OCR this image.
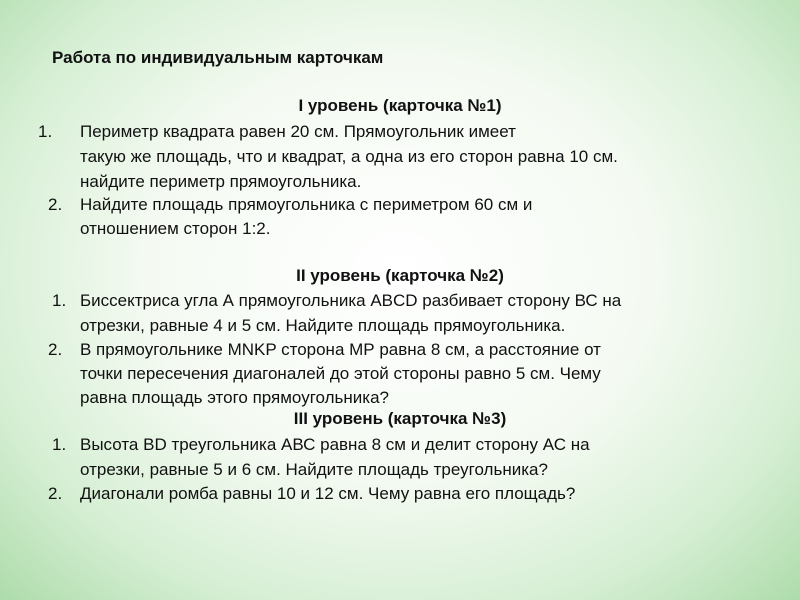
Работа по индивидуальным карточкам
I уровень (карточка №1)
1. Периметр квадрата равен 20 см. Прямоугольник имеет
такую же площадь, что и квадрат, а одна из его сторон равна 10 см.
найдите периметр прямоугольника.
2. Найдите площадь прямоугольника с периметром 60 см и
отношением сторон 1:2.
II уровень (карточка №2)
1. Биссектриса угла А прямоугольника ABCD разбивает сторону ВС на
отрезки, равные 4 и 5 см. Найдите площадь прямоугольника.
2. В прямоугольнике MNKP сторона МР равна 8 см, а расстояние от
точки пересечения диагоналей до этой стороны равно 5 см. Чему
равна площадь этого прямоугольника?
III уровень (карточка №3)
1. Высота BD треугольника АВС равна 8 см и делит сторону АС на
отрезки, равные 5 и 6 см. Найдите площадь треугольника?
2. Диагонали ромба равны 10 и 12 см. Чему равна его площадь?
